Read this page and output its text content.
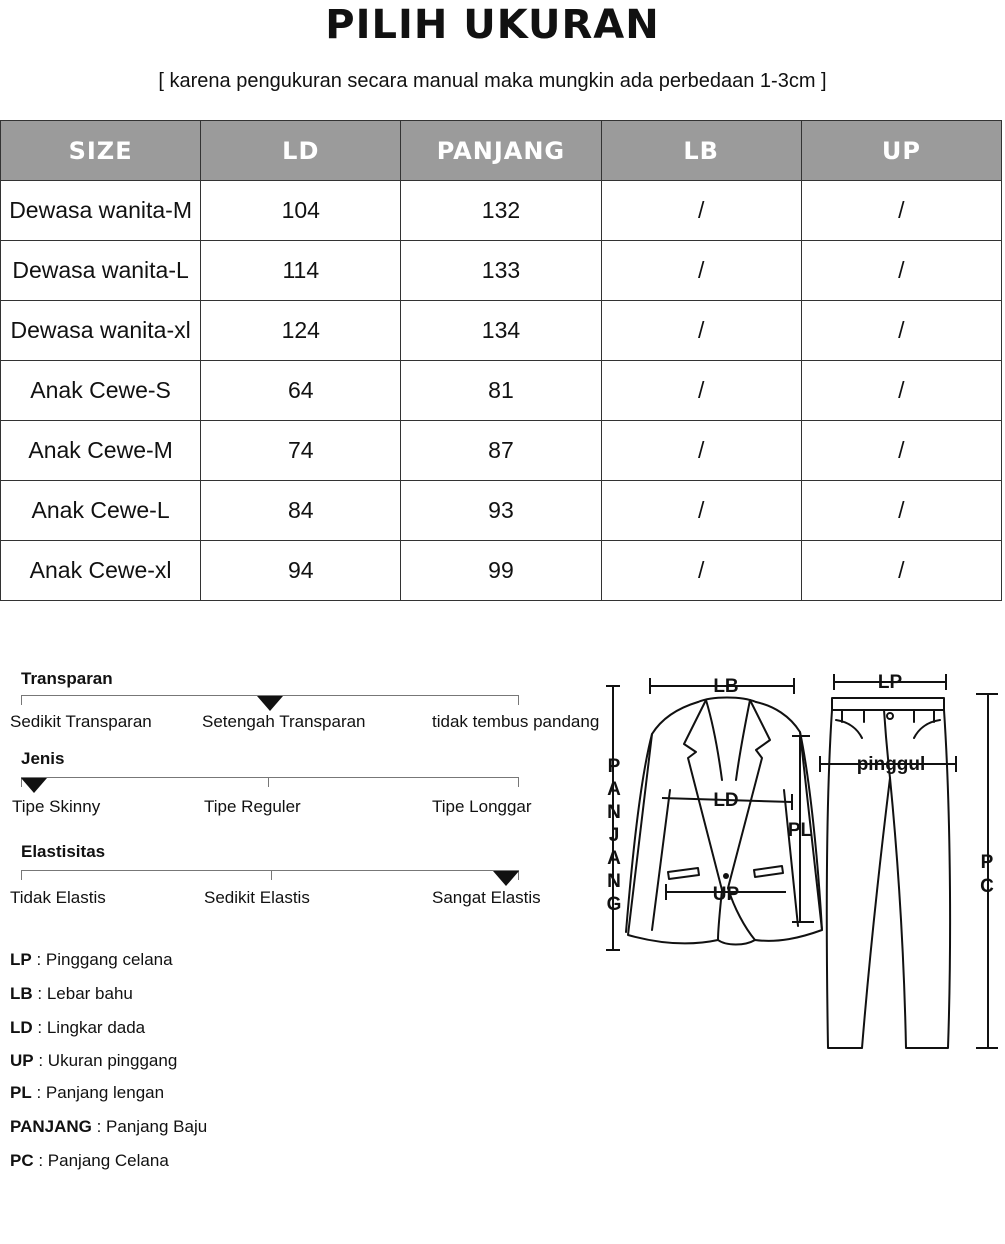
PILIH UKURAN
[ karena pengukuran secara manual maka mungkin ada perbedaan 1-3cm ]
SIZE	LD	PANJANG	LB	UP
Dewasa wanita-M	104	132	/	/
Dewasa wanita-L	114	133	/	/
Dewasa wanita-xl	124	134	/	/
Anak Cewe-S	64	81	/	/
Anak Cewe-M	74	87	/	/
Anak Cewe-L	84	93	/	/
Anak Cewe-xl	94	99	/	/
Transparan
Sedikit Transparan	Setengah Transparan	tidak tembus pandang
Jenis
Tipe Skinny	Tipe Reguler	Tipe Longgar
Elastisitas
Tidak Elastis	Sedikit Elastis	Sangat Elastis
LP : Pinggang celana
LB : Lebar bahu
LD : Lingkar dada
UP : Ukuran pinggang
PL : Panjang lengan
PANJANG : Panjang Baju
PC : Panjang Celana
LB	LP
LD
UP
PL
pinggul
P
A
N
J
A
N
G
P
C
